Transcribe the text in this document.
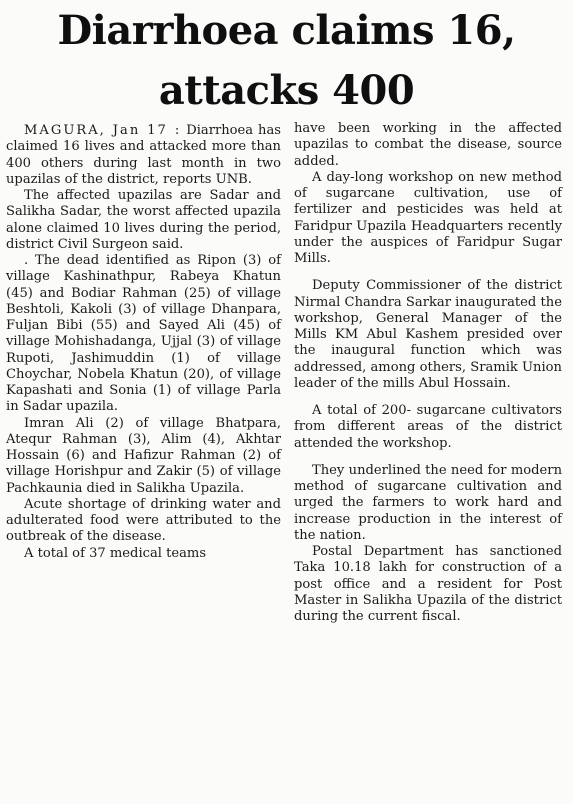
Diarrhoea claims 16,
attacks 400

MAGURA, Jan 17 : Diarrhoea has claimed 16 lives and attacked more than 400 others during last month in two upazilas of the district, reports UNB.

The affected upazilas are Sadar and Salikha Sadar, the worst affected upazila alone claimed 10 lives during the period, district Civil Surgeon said.

. The dead identified as Ripon (3) of village Kashinathpur, Rabeya Khatun (45) and Bodiar Rahman (25) of village Beshtoli, Kakoli (3) of village Dhanpara, Fuljan Bibi (55) and Sayed Ali (45) of village Mohishadanga, Ujjal (3) of village Rupoti, Jashimuddin (1) of village Choychar, Nobela Khatun (20), of village Kapashati and Sonia (1) of village Parla in Sadar upazila.

Imran Ali (2) of village Bhatpara, Atequr Rahman (3), Alim (4), Akhtar Hossain (6) and Hafizur Rahman (2) of village Horishpur and Zakir (5) of village Pachkaunia died in Salikha Upazila.

Acute shortage of drinking water and adulterated food were attributed to the outbreak of the disease.

A total of 37 medical teams

have been working in the affected upazilas to combat the disease, source added.

A day-long workshop on new method of sugarcane cultivation, use of fertilizer and pesticides was held at Faridpur Upazila Headquarters recently under the auspices of Faridpur Sugar Mills.

Deputy Commissioner of the district Nirmal Chandra Sarkar inaugurated the workshop, General Manager of the Mills KM Abul Kashem presided over the inaugural function which was addressed, among others, Sramik Union leader of the mills Abul Hossain.

A total of 200- sugarcane cultivators from different areas of the district attended the workshop.

They underlined the need for modern method of sugarcane cultivation and urged the farmers to work hard and increase production in the interest of the nation.

Postal Department has sanctioned Taka 10.18 lakh for construction of a post office and a resident for Post Master in Salikha Upazila of the district during the current fiscal.
